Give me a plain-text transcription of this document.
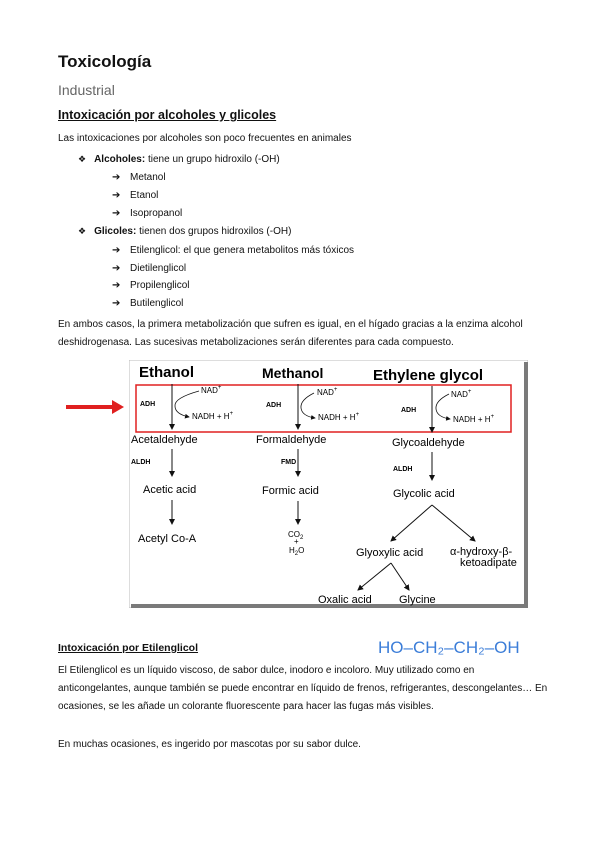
Toxicología
Industrial
Intoxicación por alcoholes y glicoles
Las intoxicaciones por alcoholes son poco frecuentes en animales
❖ Alcoholes: tiene un grupo hidroxilo (-OH)
➔ Metanol
➔ Etanol
➔ Isopropanol
❖ Glicoles: tienen dos grupos hidroxilos (-OH)
➔ Etilenglicol: el que genera metabolitos más tóxicos
➔ Dietilenglicol
➔ Propilenglicol
➔ Butilenglicol
En ambos casos, la primera metabolización que sufren es igual, en el hígado gracias a la enzima alcohol deshidrogenasa. Las sucesivas metabolizaciones serán diferentes para cada compuesto.
Ethanol	Methanol	Ethylene glycol
ADH
NAD+
NADH + H+
ADH
NAD+
NADH + H+
ADH
NAD+
NADH + H+
Acetaldehyde	Formaldehyde	Glycoaldehyde
ALDH	FMD
ALDH
Acetic acid	Formic acid	Glycolic acid
Acetyl Co-A	$CO_2$
+
$H_2O$	Glyoxylic acid α-hydroxy-β-
ketoadipate
Oxalic acid Glycine
Intoxicación por Etilenglicol	HO–CH₂–CH₂–OH
El Etilenglicol es un líquido viscoso, de sabor dulce, inodoro e incoloro. Muy utilizado como en anticongelantes, aunque también se puede encontrar en líquido de frenos, refrigerantes, descongelantes… En ocasiones, se les añade un colorante fluorescente para hacer las fugas más visibles.
En muchas ocasiones, es ingerido por mascotas por su sabor dulce.
